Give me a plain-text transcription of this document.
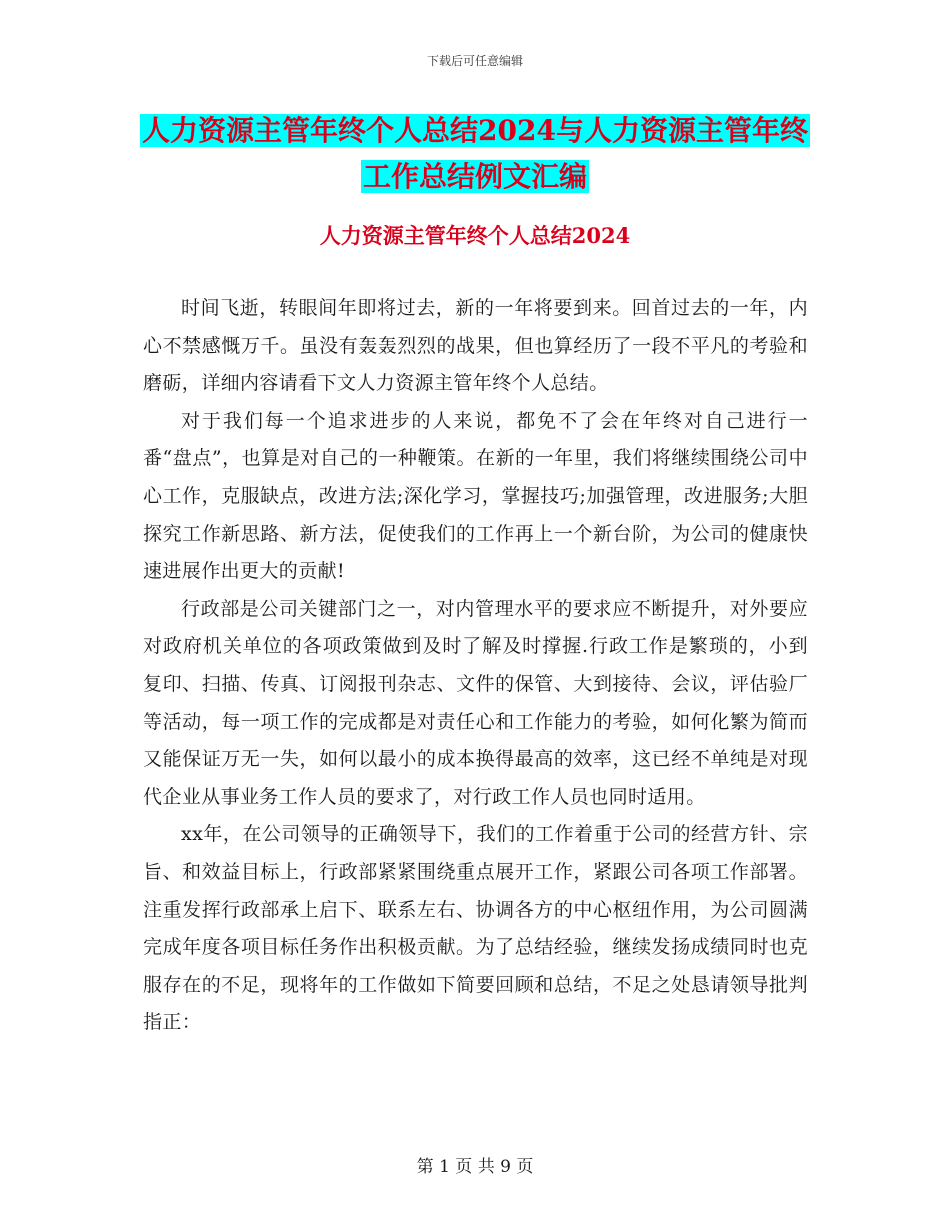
下载后可任意编辑
人力资源主管年终个人总结2024与人力资源主管年终
工作总结例文汇编
人力资源主管年终个人总结2024

时间飞逝，转眼间年即将过去，新的一年将要到来。回首过去的一年，内心不禁感慨万千。虽没有轰轰烈烈的战果，但也算经历了一段不平凡的考验和磨砺，详细内容请看下文人力资源主管年终个人总结。

对于我们每一个追求进步的人来说，都免不了会在年终对自己进行一番“盘点”，也算是对自己的一种鞭策。在新的一年里，我们将继续围绕公司中心工作，克服缺点，改进方法;深化学习，掌握技巧;加强管理，改进服务;大胆探究工作新思路、新方法，促使我们的工作再上一个新台阶，为公司的健康快速进展作出更大的贡献!

行政部是公司关键部门之一，对内管理水平的要求应不断提升，对外要应对政府机关单位的各项政策做到及时了解及时撑握.行政工作是繁琐的，小到复印、扫描、传真、订阅报刊杂志、文件的保管、大到接待、会议，评估验厂等活动，每一项工作的完成都是对责任心和工作能力的考验，如何化繁为简而又能保证万无一失，如何以最小的成本换得最高的效率，这已经不单纯是对现代企业从事业务工作人员的要求了，对行政工作人员也同时适用。

xx年，在公司领导的正确领导下，我们的工作着重于公司的经营方针、宗旨、和效益目标上，行政部紧紧围绕重点展开工作，紧跟公司各项工作部署。注重发挥行政部承上启下、联系左右、协调各方的中心枢纽作用，为公司圆满完成年度各项目标任务作出积极贡献。为了总结经验，继续发扬成绩同时也克服存在的不足，现将年的工作做如下简要回顾和总结，不足之处恳请领导批判指正：

第 1 页 共 9 页
